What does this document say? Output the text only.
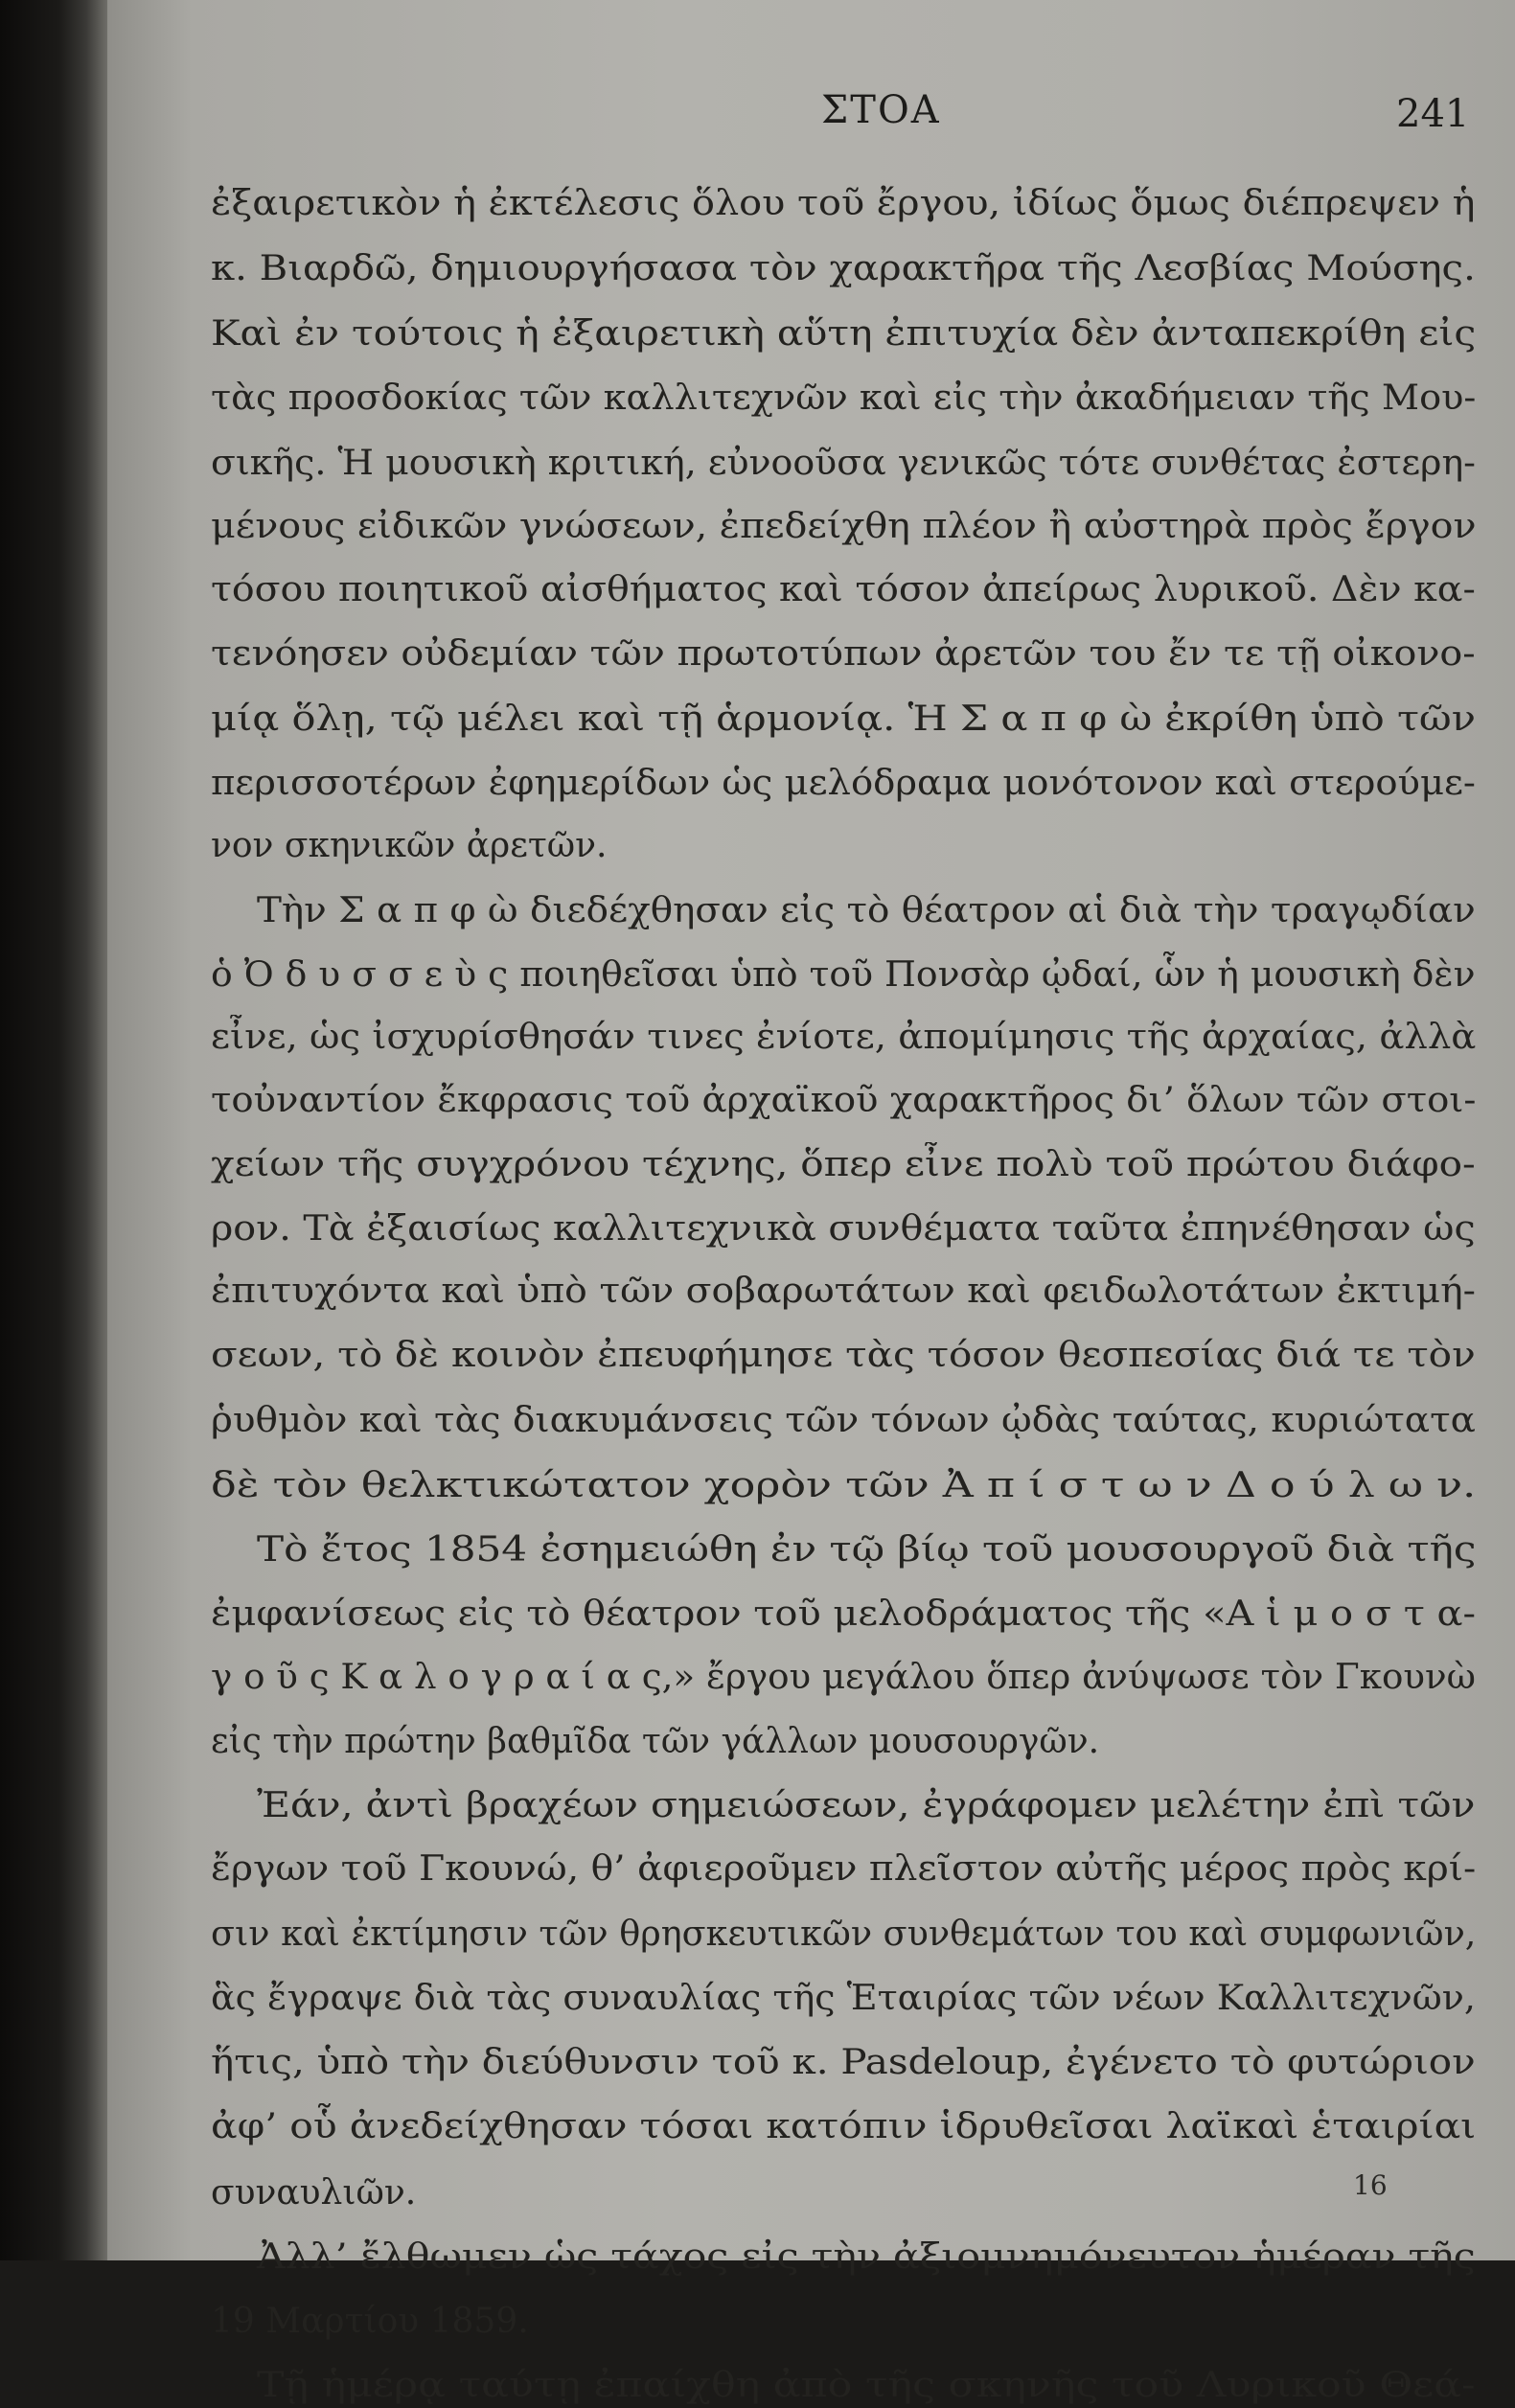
ΣΤΟΑ	241
ἐξαιρετικὸν ἡ ἐκτέλεσις ὅλου τοῦ ἔργου, ἰδίως ὅμως διέπρεψεν ἡ
κ. Βιαρδῶ, δημιουργήσασα τὸν χαρακτῆρα τῆς Λεσβίας Μούσης.
Καὶ ἐν τούτοις ἡ ἐξαιρετικὴ αὕτη ἐπιτυχία δὲν ἀνταπεκρίθη εἰς
τὰς προσδοκίας τῶν καλλιτεχνῶν καὶ εἰς τὴν ἀκαδήμειαν τῆς Μου-
σικῆς. Ἡ μουσικὴ κριτική, εὐνοοῦσα γενικῶς τότε συνθέτας ἐστερη-
μένους εἰδικῶν γνώσεων, ἐπεδείχθη πλέον ἢ αὐστηρὰ πρὸς ἔργον
τόσου ποιητικοῦ αἰσθήματος καὶ τόσον ἀπείρως λυρικοῦ. Δὲν κα-
τενόησεν οὐδεμίαν τῶν πρωτοτύπων ἀρετῶν του ἔν τε τῇ οἰκονο-
μίᾳ ὅλῃ, τῷ μέλει καὶ τῇ ἁρμονίᾳ. Ἡ Σ α π φ ὼ ἐκρίθη ὑπὸ τῶν
περισσοτέρων ἐφημερίδων ὡς μελόδραμα μονότονον καὶ στερούμε-
νον σκηνικῶν ἀρετῶν.
Τὴν Σ α π φ ὼ διεδέχθησαν εἰς τὸ θέατρον αἱ διὰ τὴν τραγῳδίαν
ὁ Ὀ δ υ σ σ ε ὺ ς ποιηθεῖσαι ὑπὸ τοῦ Πονσὰρ ᾠδαί, ὧν ἡ μουσικὴ δὲν
εἶνε, ὡς ἰσχυρίσθησάν τινες ἐνίοτε, ἀπομίμησις τῆς ἀρχαίας, ἀλλὰ
τοὐναντίον ἔκφρασις τοῦ ἀρχαϊκοῦ χαρακτῆρος δι’ ὅλων τῶν στοι-
χείων τῆς συγχρόνου τέχνης, ὅπερ εἶνε πολὺ τοῦ πρώτου διάφο-
ρον. Τὰ ἐξαισίως καλλιτεχνικὰ συνθέματα ταῦτα ἐπηνέθησαν ὡς
ἐπιτυχόντα καὶ ὑπὸ τῶν σοβαρωτάτων καὶ φειδωλοτάτων ἐκτιμή-
σεων, τὸ δὲ κοινὸν ἐπευφήμησε τὰς τόσον θεσπεσίας διά τε τὸν
ῥυθμὸν καὶ τὰς διακυμάνσεις τῶν τόνων ᾠδὰς ταύτας, κυριώτατα
δὲ τὸν θελκτικώτατον χορὸν τῶν Ἀ π ί σ τ ω ν Δ ο ύ λ ω ν.
Τὸ ἔτος 1854 ἐσημειώθη ἐν τῷ βίῳ τοῦ μουσουργοῦ διὰ τῆς
ἐμφανίσεως εἰς τὸ θέατρον τοῦ μελοδράματος τῆς «Α ἱ μ ο σ τ α-
γ ο ῦ ς Κ α λ ο γ ρ α ί α ς,» ἔργου μεγάλου ὅπερ ἀνύψωσε τὸν Γκουνὼ
εἰς τὴν πρώτην βαθμῖδα τῶν γάλλων μουσουργῶν.
Ἐάν, ἀντὶ βραχέων σημειώσεων, ἐγράφομεν μελέτην ἐπὶ τῶν
ἔργων τοῦ Γκουνώ, θ’ ἀφιεροῦμεν πλεῖστον αὐτῆς μέρος πρὸς κρί-
σιν καὶ ἐκτίμησιν τῶν θρησκευτικῶν συνθεμάτων του καὶ συμφωνιῶν,
ἃς ἔγραψε διὰ τὰς συναυλίας τῆς Ἑταιρίας τῶν νέων Καλλιτεχνῶν,
ἥτις, ὑπὸ τὴν διεύθυνσιν τοῦ κ. Pasdeloup, ἐγένετο τὸ φυτώριον
ἀφ’ οὗ ἀνεδείχθησαν τόσαι κατόπιν ἱδρυθεῖσαι λαϊκαὶ ἑταιρίαι
συναυλιῶν.
Ἀλλ’ ἔλθωμεν ὡς τάχος εἰς τὴν ἀξιομνημόνευτον ἡμέραν τῆς
19 Μαρτίου 1859.
Τῇ ἡμέρᾳ ταύτῃ ἐπαίχθη ἀπὸ τῆς σκηνῆς τοῦ Λυρικοῦ Θεά-
16
